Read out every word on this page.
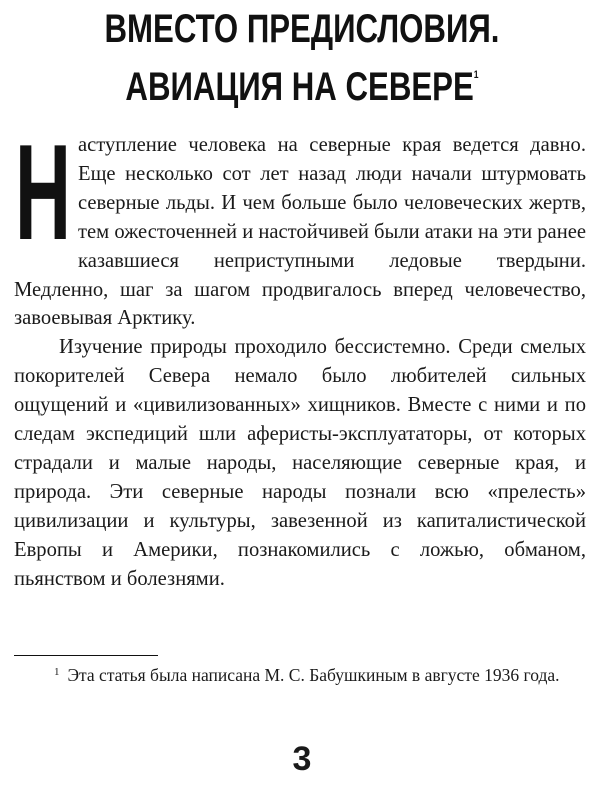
ВМЕСТО ПРЕДИСЛОВИЯ.
АВИАЦИЯ НА СЕВЕРЕ$^1$

Н аступление человека на северные края ведется давно. Еще несколько сот лет назад люди начали штурмовать северные льды. И чем больше было человеческих жертв, тем ожесточенней и настойчивей были атаки на эти ранее казавшиеся неприступными ледовые твердыни. Медленно, шаг за шагом продвигалось вперед человечество, завоевывая Арктику.

Изучение природы проходило бессистемно. Среди смелых покорителей Севера немало было любителей сильных ощущений и «цивилизованных» хищников. Вместе с ними и по следам экспедиций шли аферисты-эксплуататоры, от которых страдали и малые народы, населяющие северные края, и природа. Эти северные народы познали всю «прелесть» цивилизации и культуры, завезенной из капиталистической Европы и Америки, познакомились с ложью, обманом, пьянством и болезнями.

$^1$ Эта статья была написана М. С. Бабушкиным в августе 1936 года.

3
